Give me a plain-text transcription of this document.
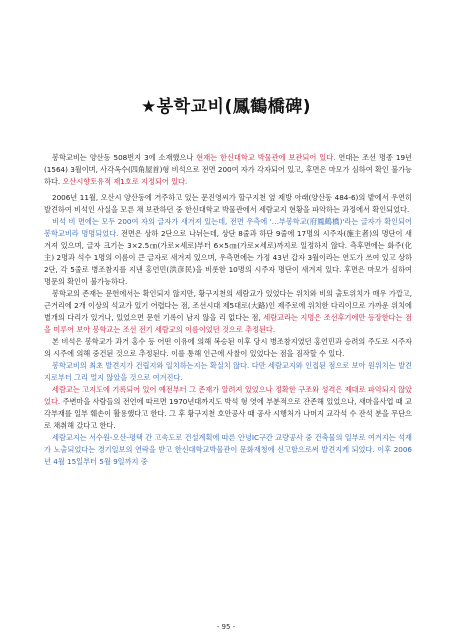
★봉학교비(鳳鶴橋碑)

봉학교비는 양산동 508번지 3에 소재했으나 현재는 한신대학교 박물관에 보관되어 있다. 연대는 조선 명종 19년(1564) 3월이며, 사각옥수(四角屋首)형 비석으로 전면 200여 자가 각자되어 있고, 후면은 마모가 심하여 확인 불가능하다. 오산시향토유적 제1호로 지정되어 있다.

2006년 11월, 오산시 양산동에 거주하고 있는 문진영씨가 할구지천 옆 제방 아래(양산동 484-6)의 밭에서 우연히 발견하여 비석인 사실을 모른 채 보관하던 중 한신대학교 박물관에서 세람교지 현황을 파악하는 과정에서 확인되었다.

비석 비 면에는 모두 200여 자의 글자가 새겨져 있는데, 전면 우측에 '…부봉학교(府鳳鶴橋)'라는 글자가 확인되어 봉학교비라 명명되었다. 전면은 상하 2단으로 나뉘는데, 상단 8줄과 하단 9줄에 17명의 시주자(施主者)의 명단이 새겨져 있으며, 글자 크기는 3×2.5㎝(가로×세로)부터 6×5㎝(가로×세로)까지로 일정하지 않다. 측후면에는 화주(化主) 2명과 석수 1명의 이름이 큰 글자로 새겨져 있으며, 우측면에는 가정 43년 갑자 3월이라는 연도가 쓰여 있고 상하 2단, 각 5줄로 병조참지를 지낸 홍언민(洪彦民)을 비롯한 10명의 시주자 명단이 새겨져 있다. 후면은 마모가 심하여 명문의 확인이 불가능하다.

봉학교의 존재는 문헌에서는 확인되지 않지만, 황구지천의 세람교가 있었다는 위치와 비의 출토위치가 매우 가깝고, 근거리에 2개 이상의 석교가 있기 어렵다는 점, 조선시대 제5대로(大路)인 제주로에 위치한 다리이므로 가까운 위치에 별개의 다리가 있거나, 있었으면 문헌 기록이 남지 않을 리 없다는 점, 세람교라는 지명은 조선후기에만 등장한다는 점을 미루어 보아 봉학교는 조선 전기 세람교의 이름이었던 것으로 추정된다.

본 비석은 봉학교가 과거 홍수 등 어떤 이유에 의해 복승된 이후 당시 병조참지였던 홍언민과 승려의 주도로 시주자의 시주에 의해 중건된 것으로 추정된다. 이를 통해 인근에 사찰이 있었다는 점을 짐작할 수 있다.

봉학교비의 최초 발견지가 건립지와 일치하는지는 확실치 않다. 다만 세람교지와 인접된 점으로 보아 원위치는 발견지로부터 그리 멀지 않았을 것으로 여겨진다.

세람교는 고지도에 기록되어 있어 예전부터 그 존재가 알려져 있었으나 정확한 구조와 성격은 제대로 파악되지 않았었다. 주변마을 사람들의 전언에 따르면 1970년대까지도 박석 형 엿에 부분적으로 잔존해 있었으나, 새마을사업 때 교각부재를 일부 훼손이 활용했다고 한다. 그 후 황구지천 호안공사 때 공사 시행처가 나머지 교각석 수 잔석 분을 무단으로 채취해 갔다고 한다.

세람교지는 서수원-오산-평택 간 고속도로 건설계획에 따른 안녕IC구간 교량공사 중 건축물의 일부로 여겨지는 석재가 노출되었다는 경기일보의 연락을 받고 한신대학교박물관이 문화재청에 신고함으로써 발견지게 되었다. 이후 2006년 4월 15일부터 5월 9일까지 중

- 95 -
